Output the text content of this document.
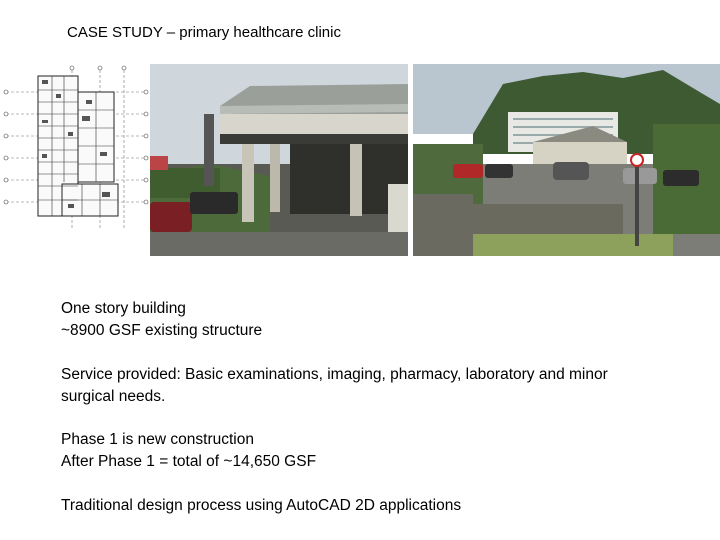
CASE STUDY – primary healthcare clinic

One story building

~8900 GSF existing structure

Service provided: Basic examinations, imaging, pharmacy, laboratory and minor

surgical needs.

Phase 1 is new construction

After Phase 1 = total of ~14,650 GSF

Traditional design process using AutoCAD 2D applications
